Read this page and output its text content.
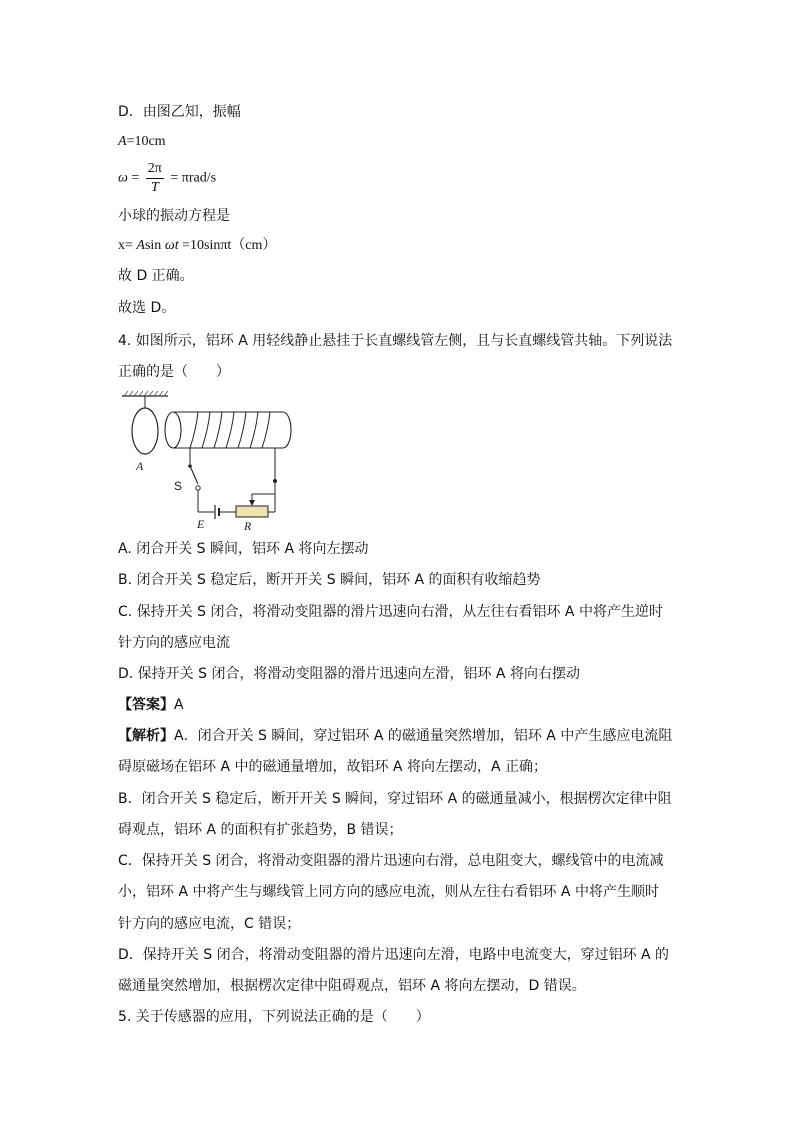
D．由图乙知，振幅
A=10cm
$\omega = \frac{2\pi}{T} = \pi rad/s$
小球的振动方程是
x= Asin ωt =10sinπt（cm）
故 D 正确。
故选 D。
4. 如图所示，铝环 A 用轻线静止悬挂于长直螺线管左侧，且与长直螺线管共轴。下列说法
正确的是（　　）
A
S
E	R
A. 闭合开关 S 瞬间，铝环 A 将向左摆动
B. 闭合开关 S 稳定后，断开开关 S 瞬间，铝环 A 的面积有收缩趋势
C. 保持开关 S 闭合，将滑动变阻器的滑片迅速向右滑，从左往右看铝环 A 中将产生逆时
针方向的感应电流
D. 保持开关 S 闭合，将滑动变阻器的滑片迅速向左滑，铝环 A 将向右摆动
【答案】A
【解析】A．闭合开关 S 瞬间，穿过铝环 A 的磁通量突然增加，铝环 A 中产生感应电流阻
碍原磁场在铝环 A 中的磁通量增加，故铝环 A 将向左摆动，A 正确；
B．闭合开关 S 稳定后，断开开关 S 瞬间，穿过铝环 A 的磁通量减小，根据楞次定律中阻
碍观点，铝环 A 的面积有扩张趋势，B 错误；
C．保持开关 S 闭合，将滑动变阻器的滑片迅速向右滑，总电阻变大，螺线管中的电流减
小，铝环 A 中将产生与螺线管上同方向的感应电流，则从左往右看铝环 A 中将产生顺时
针方向的感应电流，C 错误；
D．保持开关 S 闭合，将滑动变阻器的滑片迅速向左滑，电路中电流变大，穿过铝环 A 的
磁通量突然增加，根据楞次定律中阻碍观点，铝环 A 将向左摆动，D 错误。
5. 关于传感器的应用，下列说法正确的是（　　）
